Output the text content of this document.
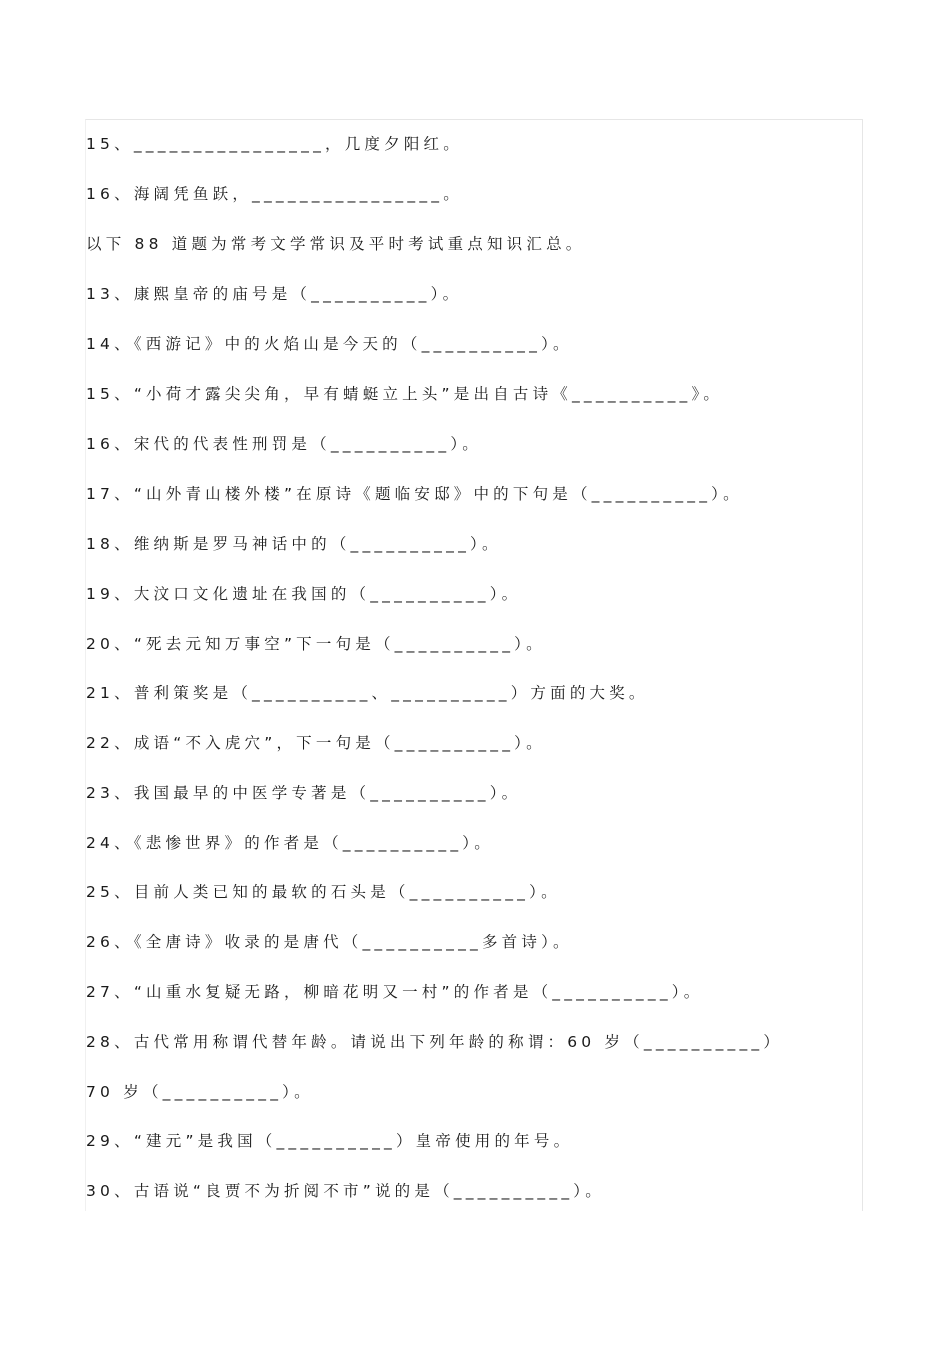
15、________________，几度夕阳红。
16、海阔凭鱼跃，________________。
以下 88 道题为常考文学常识及平时考试重点知识汇总。
13、康熙皇帝的庙号是（__________）。
14、《西游记》中的火焰山是今天的（__________）。
15、“小荷才露尖尖角，早有蜻蜓立上头”是出自古诗《__________》。
16、宋代的代表性刑罚是（__________）。
17、“山外青山楼外楼”在原诗《题临安邸》中的下句是（__________）。
18、维纳斯是罗马神话中的（__________）。
19、大汶口文化遗址在我国的（__________）。
20、“死去元知万事空”下一句是（__________）。
21、普利策奖是（__________、__________）方面的大奖。
22、成语“不入虎穴”，下一句是（__________）。
23、我国最早的中医学专著是（__________）。
24、《悲惨世界》的作者是（__________）。
25、目前人类已知的最软的石头是（__________）。
26、《全唐诗》收录的是唐代（__________多首诗）。
27、“山重水复疑无路，柳暗花明又一村”的作者是（__________）。
28、古代常用称谓代替年龄。请说出下列年龄的称谓：60 岁（__________）
70 岁（__________）。
29、“建元”是我国（__________）皇帝使用的年号。
30、古语说“良贾不为折阅不市”说的是（__________）。
